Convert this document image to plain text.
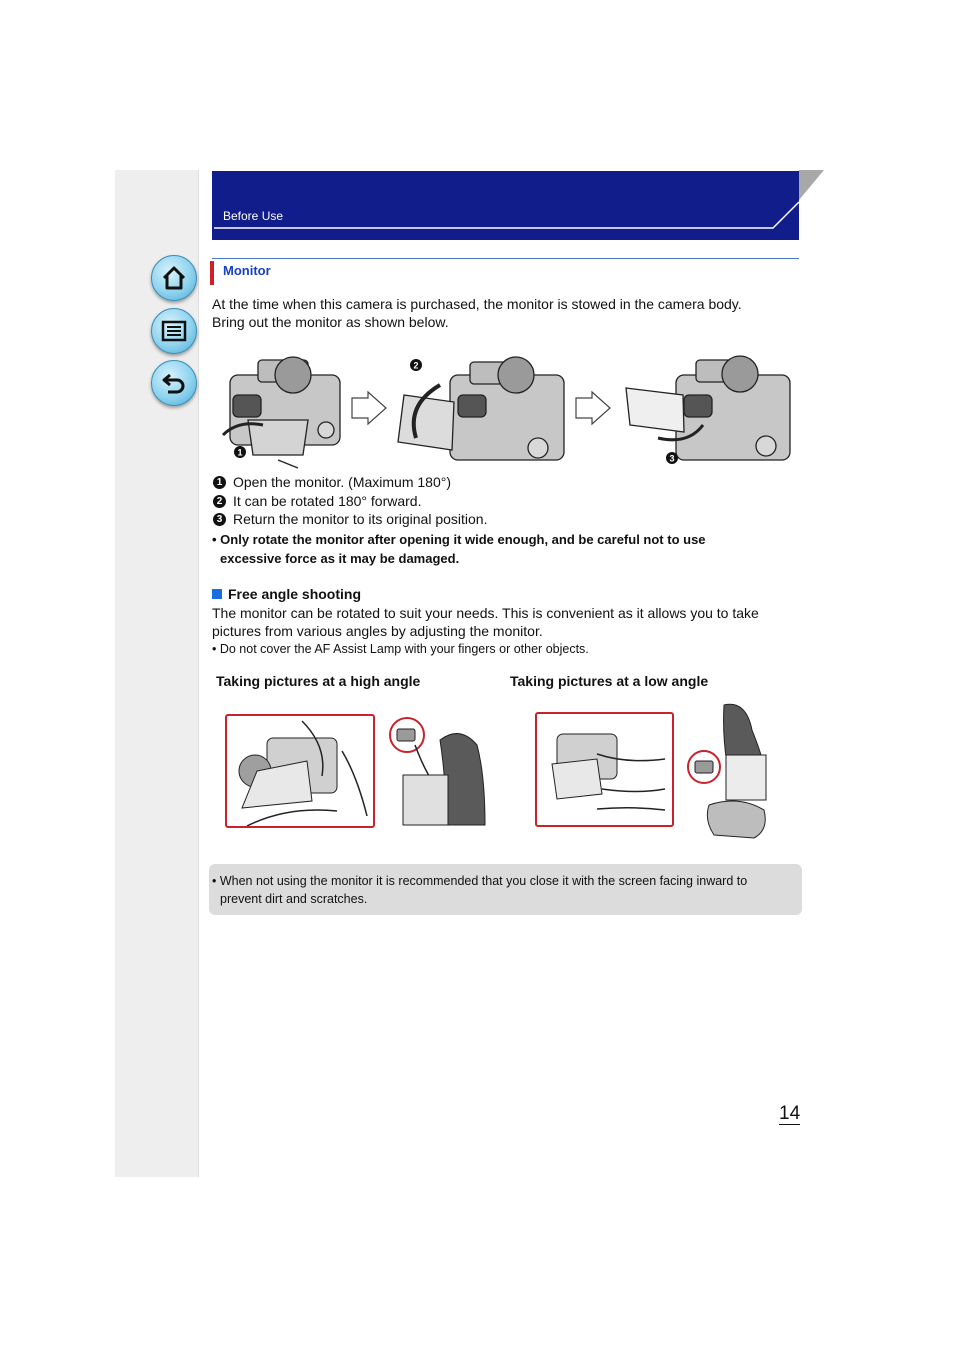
Before Use
Monitor
At the time when this camera is purchased, the monitor is stowed in the camera body.
Bring out the monitor as shown below.
1
2
3
1 Open the monitor. (Maximum 180°)
2 It can be rotated 180° forward.
3 Return the monitor to its original position.
• Only rotate the monitor after opening it wide enough, and be careful not to use
excessive force as it may be damaged.
Free angle shooting
The monitor can be rotated to suit your needs. This is convenient as it allows you to take
pictures from various angles by adjusting the monitor.
• Do not cover the AF Assist Lamp with your fingers or other objects.
Taking pictures at a high angle	Taking pictures at a low angle
• When not using the monitor it is recommended that you close it with the screen facing inward to
prevent dirt and scratches.
14
